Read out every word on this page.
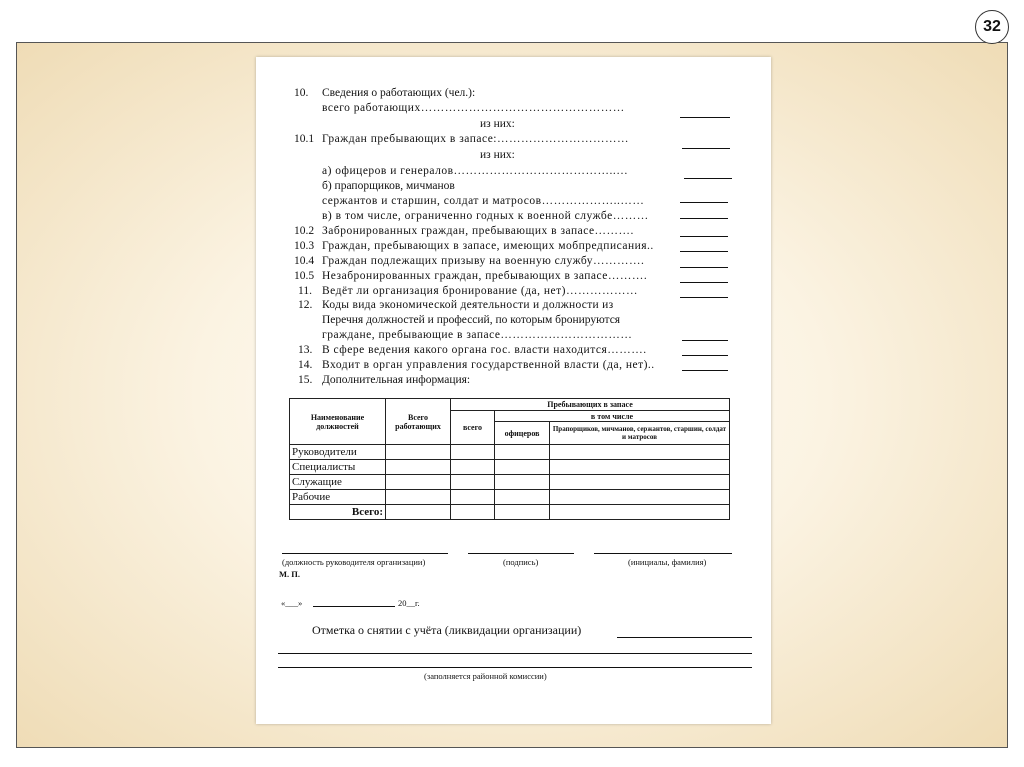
32
10. Сведения о работающих (чел.):
всего работающих……………………………………………
из них:
10.1 Граждан пребывающих в запасе:……………………………
из них:
а) офицеров и генералов…………………………………..…
б) прапорщиков, мичманов
сержантов и старшин, солдат и матросов………………..……
в) в том числе, ограниченно годных к военной службе………
10.2 Забронированных граждан, пребывающих в запасе……….
10.3 Граждан, пребывающих в запасе, имеющих мобпредписания..
10.4 Граждан подлежащих призыву на военную службу………….
10.5 Незабронированных граждан, пребывающих в запасе……….
11. Ведёт ли организация бронирование (да, нет)………………
12. Коды вида экономической деятельности и должности из
Перечня должностей и профессий, по которым бронируются
граждане, пребывающие в запасе……………………………
13. В сфере ведения какого органа гос. власти находится……….
14. Входит в орган управления государственной власти (да, нет)..
15. Дополнительная информация:
Наименование должностей	Всего работающих	Пребывающих в запасе		
		всего	в том числе	
			офицеров	Прапорщиков, мичманов, сержантов, старшин, солдат и матросов
Руководители				
Специалисты				
Служащие				
Рабочие				
Всего:				
(должность руководителя организации)	(подпись)	(инициалы, фамилия)
М. П.
«___»	20__г.
Отметка о снятии с учёта (ликвидации организации)
(заполняется районной комиссии)
